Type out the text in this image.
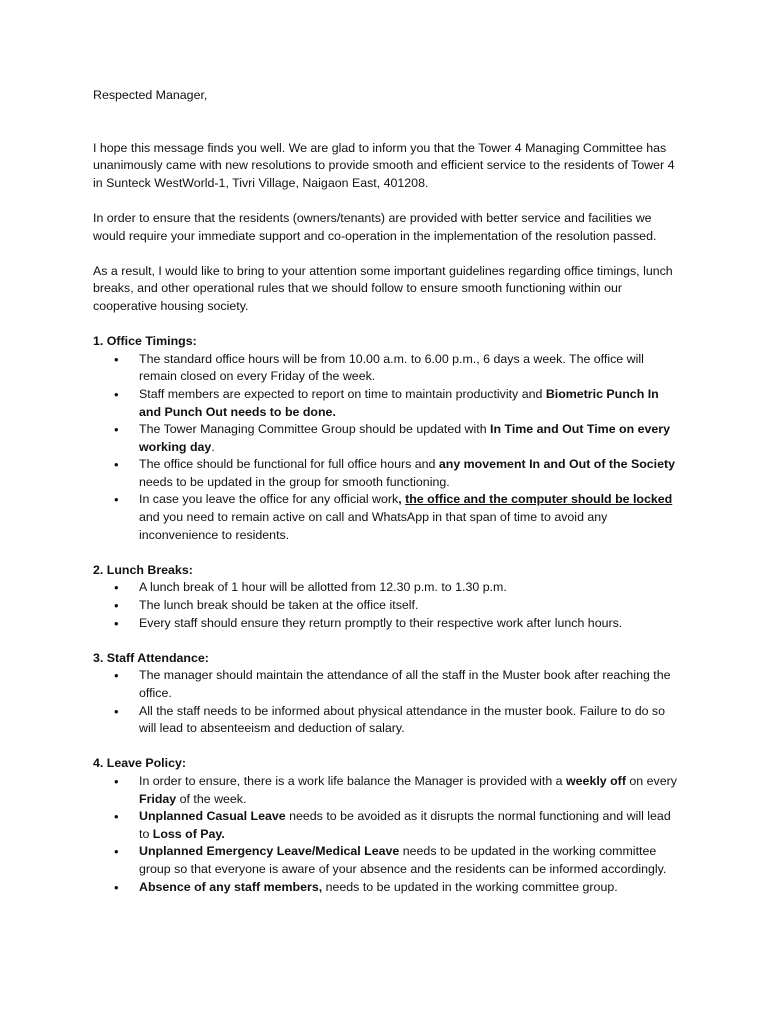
Respected Manager,

I hope this message finds you well. We are glad to inform you that the Tower 4 Managing Committee has unanimously came with new resolutions to provide smooth and efficient service to the residents of Tower 4 in Sunteck WestWorld-1, Tivri Village, Naigaon East, 401208.

In order to ensure that the residents (owners/tenants) are provided with better service and facilities we would require your immediate support and co-operation in the implementation of the resolution passed.

As a result, I would like to bring to your attention some important guidelines regarding office timings, lunch breaks, and other operational rules that we should follow to ensure smooth functioning within our cooperative housing society.

1. Office Timings:
• The standard office hours will be from 10.00 a.m. to 6.00 p.m., 6 days a week. The office will remain closed on every Friday of the week.
• Staff members are expected to report on time to maintain productivity and Biometric Punch In and Punch Out needs to be done.
• The Tower Managing Committee Group should be updated with In Time and Out Time on every working day.
• The office should be functional for full office hours and any movement In and Out of the Society needs to be updated in the group for smooth functioning.
• In case you leave the office for any official work, the office and the computer should be locked and you need to remain active on call and WhatsApp in that span of time to avoid any inconvenience to residents.
2. Lunch Breaks:
• A lunch break of 1 hour will be allotted from 12.30 p.m. to 1.30 p.m.
• The lunch break should be taken at the office itself.
• Every staff should ensure they return promptly to their respective work after lunch hours.
3. Staff Attendance:
• The manager should maintain the attendance of all the staff in the Muster book after reaching the office.
• All the staff needs to be informed about physical attendance in the muster book. Failure to do so will lead to absenteeism and deduction of salary.
4. Leave Policy:
• In order to ensure, there is a work life balance the Manager is provided with a weekly off on every Friday of the week.
• Unplanned Casual Leave needs to be avoided as it disrupts the normal functioning and will lead to Loss of Pay.
• Unplanned Emergency Leave/Medical Leave needs to be updated in the working committee group so that everyone is aware of your absence and the residents can be informed accordingly.
• Absence of any staff members, needs to be updated in the working committee group.
